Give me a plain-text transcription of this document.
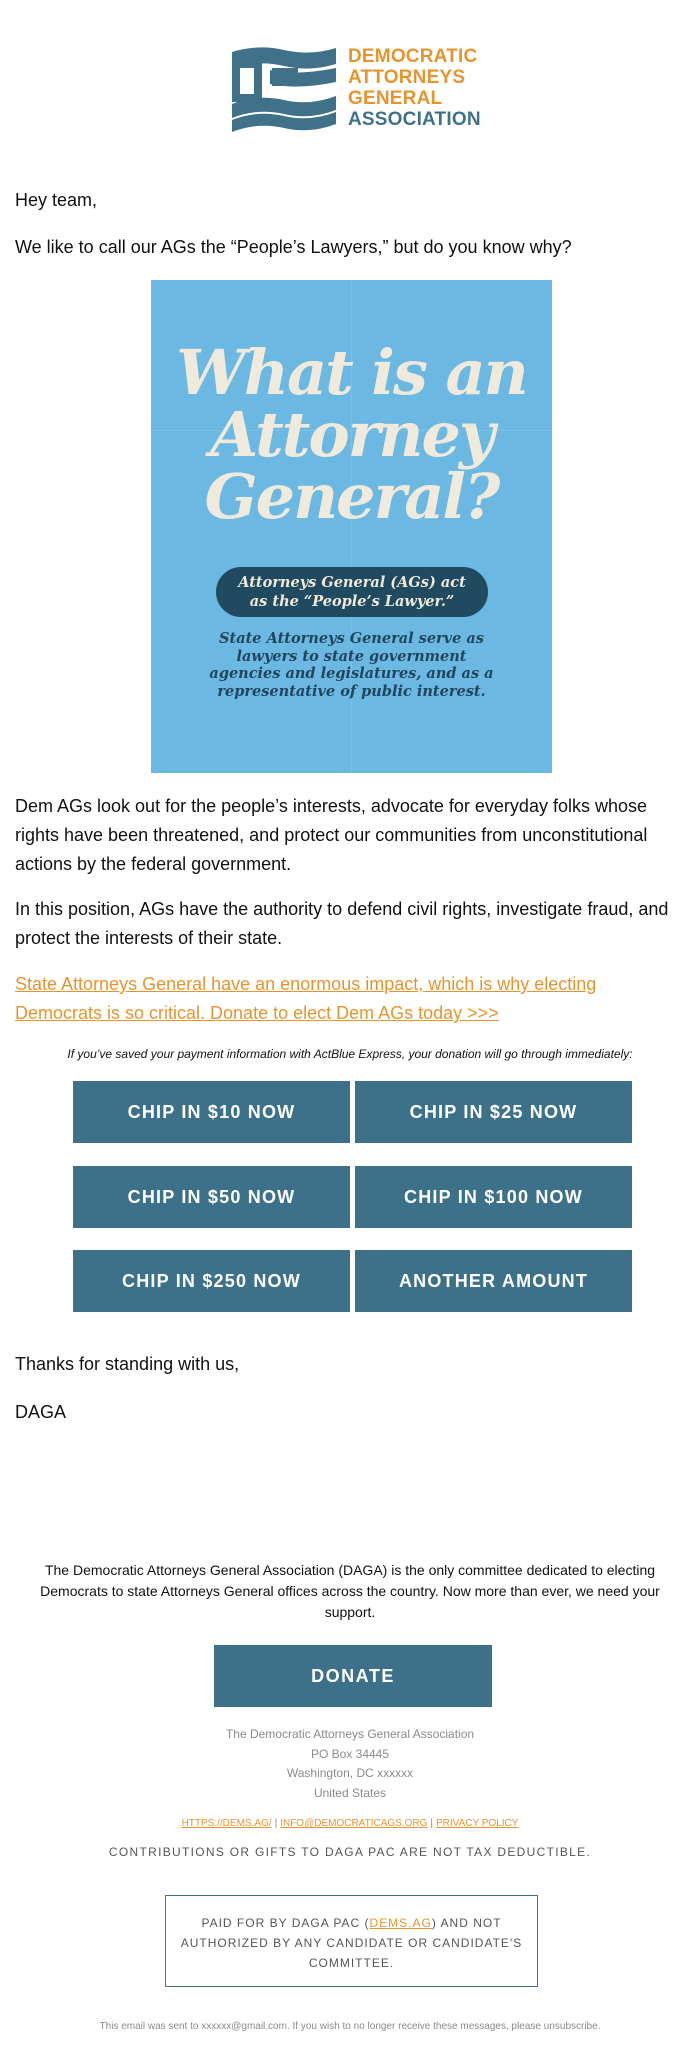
DEMOCRATIC
ATTORNEYS
GENERAL
ASSOCIATION

Hey team,

We like to call our AGs the “People’s Lawyers,” but do you know why?

What is an
Attorney
General?
Attorneys General (AGs) act
as the “People’s Lawyer.”
State Attorneys General serve as
lawyers to state government
agencies and legislatures, and as a
representative of public interest.

Dem AGs look out for the people’s interests, advocate for everyday folks whose rights have been threatened, and protect our communities from unconstitutional actions by the federal government.

In this position, AGs have the authority to defend civil rights, investigate fraud, and protect the interests of their state.

State Attorneys General have an enormous impact, which is why electing Democrats is so critical. Donate to elect Dem AGs today >>>
If you’ve saved your payment information with ActBlue Express, your donation will go through immediately:
CHIP IN $10 NOW	CHIP IN $25 NOW
CHIP IN $50 NOW	CHIP IN $100 NOW
CHIP IN $250 NOW	ANOTHER AMOUNT

Thanks for standing with us,

DAGA

The Democratic Attorneys General Association (DAGA) is the only committee dedicated to electing Democrats to state Attorneys General offices across the country. Now more than ever, we need your support.
DONATE
The Democratic Attorneys General Association
PO Box 34445
Washington, DC xxxxxx
United States
HTTPS://DEMS.AG/ | INFO@DEMOCRATICAGS.ORG | PRIVACY POLICY
CONTRIBUTIONS OR GIFTS TO DAGA PAC ARE NOT TAX DEDUCTIBLE.
PAID FOR BY DAGA PAC (DEMS.AG) AND NOT AUTHORIZED BY ANY CANDIDATE OR CANDIDATE'S COMMITTEE.
This email was sent to xxxxxx@gmail.com. If you wish to no longer receive these messages, please unsubscribe.
